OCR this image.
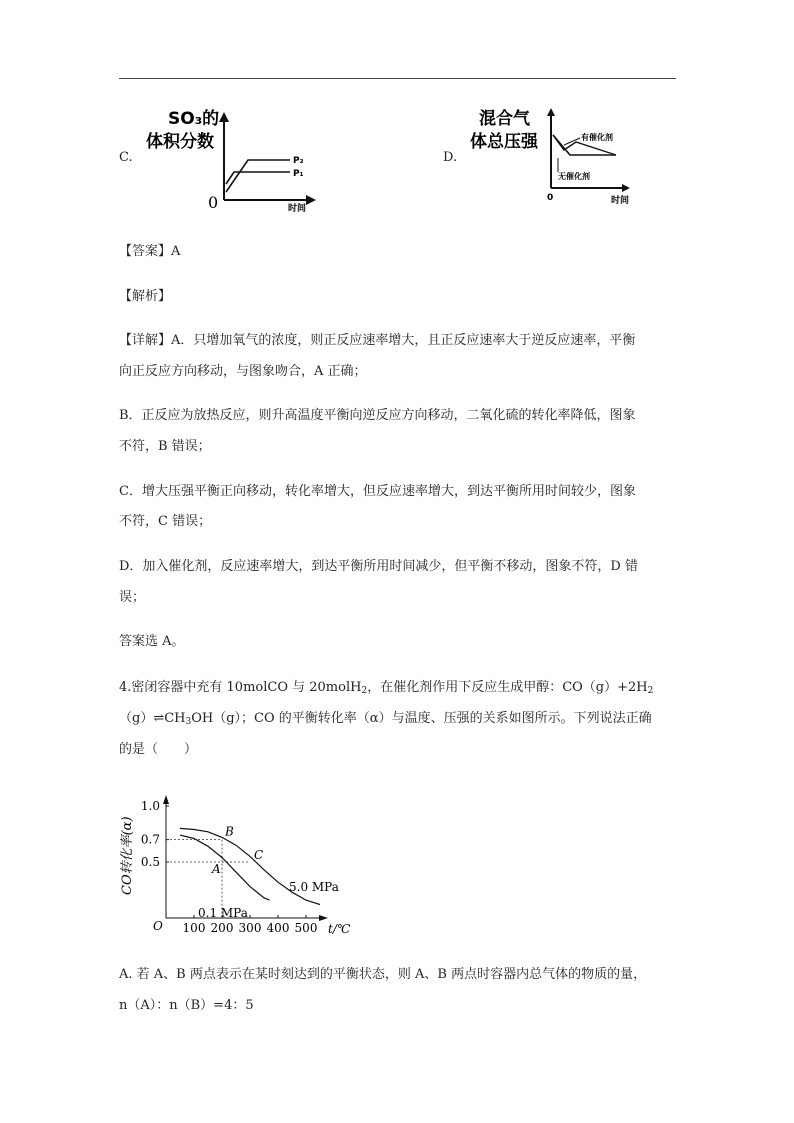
C.
SO₃的
体积分数
P₂
P₁
0	时间
D.
混合气
体总压强	有催化剂
无催化剂
0	时间
【答案】A
【解析】
【详解】A．只增加氧气的浓度，则正反应速率增大，且正反应速率大于逆反应速率，平衡
向正反应方向移动，与图象吻合，A 正确；
B．正反应为放热反应，则升高温度平衡向逆反应方向移动，二氧化硫的转化率降低，图象
不符，B 错误；
C．增大压强平衡正向移动，转化率增大，但反应速率增大，到达平衡所用时间较少，图象
不符，C 错误；
D．加入催化剂，反应速率增大，到达平衡所用时间减少，但平衡不移动，图象不符，D 错
误；
答案选 A。
4.密闭容器中充有 10molCO 与 20molH$_2$，在催化剂作用下反应生成甲醇：$CO(g)+2H_2$
$(g)\rightleftharpoons CH_3OH(g)$；CO 的平衡转化率（α）与温度、压强的关系如图所示。下列说法正确
的是（　　）
CO转化率(α)
100 200 300 400 500
0.5
0.7
1.0
A
B
C
O	t/℃
5.0 MPa
0.1 MPa
A. 若 A、B 两点表示在某时刻达到的平衡状态，则 A、B 两点时容器内总气体的物质的量，
n（A）：n（B）=4：5
